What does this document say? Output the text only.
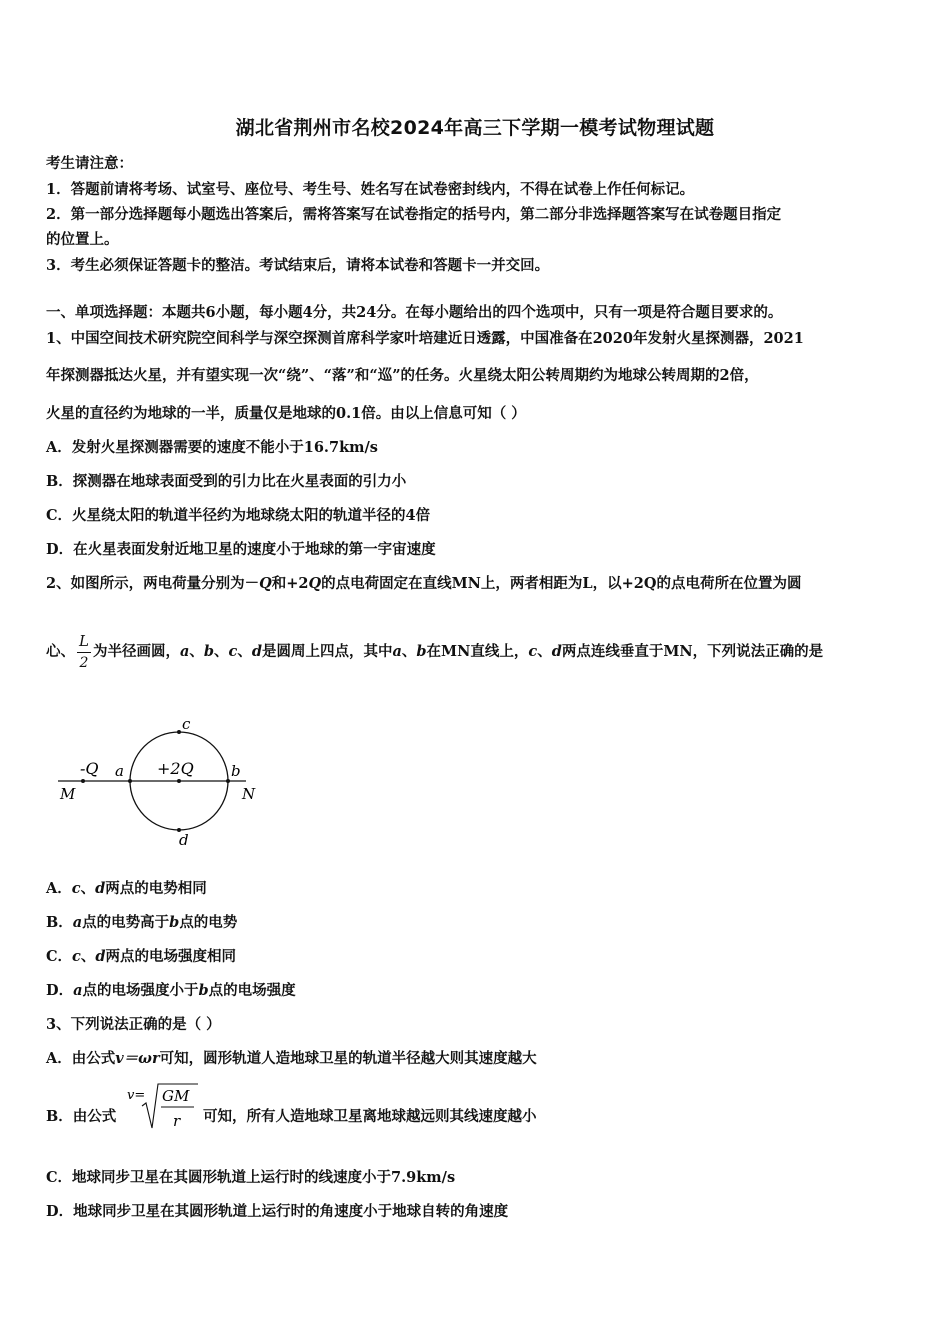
湖北省荆州市名校2024年高三下学期一模考试物理试题
考生请注意：
1．答题前请将考场、试室号、座位号、考生号、姓名写在试卷密封线内，不得在试卷上作任何标记。
2．第一部分选择题每小题选出答案后，需将答案写在试卷指定的括号内，第二部分非选择题答案写在试卷题目指定
的位置上。
3．考生必须保证答题卡的整洁。考试结束后，请将本试卷和答题卡一并交回。
一、单项选择题：本题共6小题，每小题4分，共24分。在每小题给出的四个选项中，只有一项是符合题目要求的。
1、中国空间技术研究院空间科学与深空探测首席科学家叶培建近日透露，中国准备在2020年发射火星探测器，2021
年探测器抵达火星，并有望实现一次“绕”、“落”和“巡”的任务。火星绕太阳公转周期约为地球公转周期的2倍，
火星的直径约为地球的一半，质量仅是地球的0.1倍。由以上信息可知（ ）
A．发射火星探测器需要的速度不能小于16.7km/s
B．探测器在地球表面受到的引力比在火星表面的引力小
C．火星绕太阳的轨道半径约为地球绕太阳的轨道半径的4倍
D．在火星表面发射近地卫星的速度小于地球的第一宇宙速度
2、如图所示，两电荷量分别为－Q和+2Q的点电荷固定在直线MN上，两者相距为L，以+2Q的点电荷所在位置为圆
心、 $\frac{L}{2}$ 为半径画圆，a、b、c、d是圆周上四点，其中a、b在MN直线上，c、d两点连线垂直于MN，下列说法正确的是
c
d
a	b
-Q	+2Q
M	N
A．c、d两点的电势相同
B．a点的电势高于b点的电势
C．c、d两点的电场强度相同
D．a点的电场强度小于b点的电场强度
3、下列说法正确的是（ ）
A．由公式v＝ωr可知，圆形轨道人造地球卫星的轨道半径越大则其速度越大
B．由公式
v= GM
r 可知，所有人造地球卫星离地球越远则其线速度越小
C．地球同步卫星在其圆形轨道上运行时的线速度小于7.9km/s
D．地球同步卫星在其圆形轨道上运行时的角速度小于地球自转的角速度
